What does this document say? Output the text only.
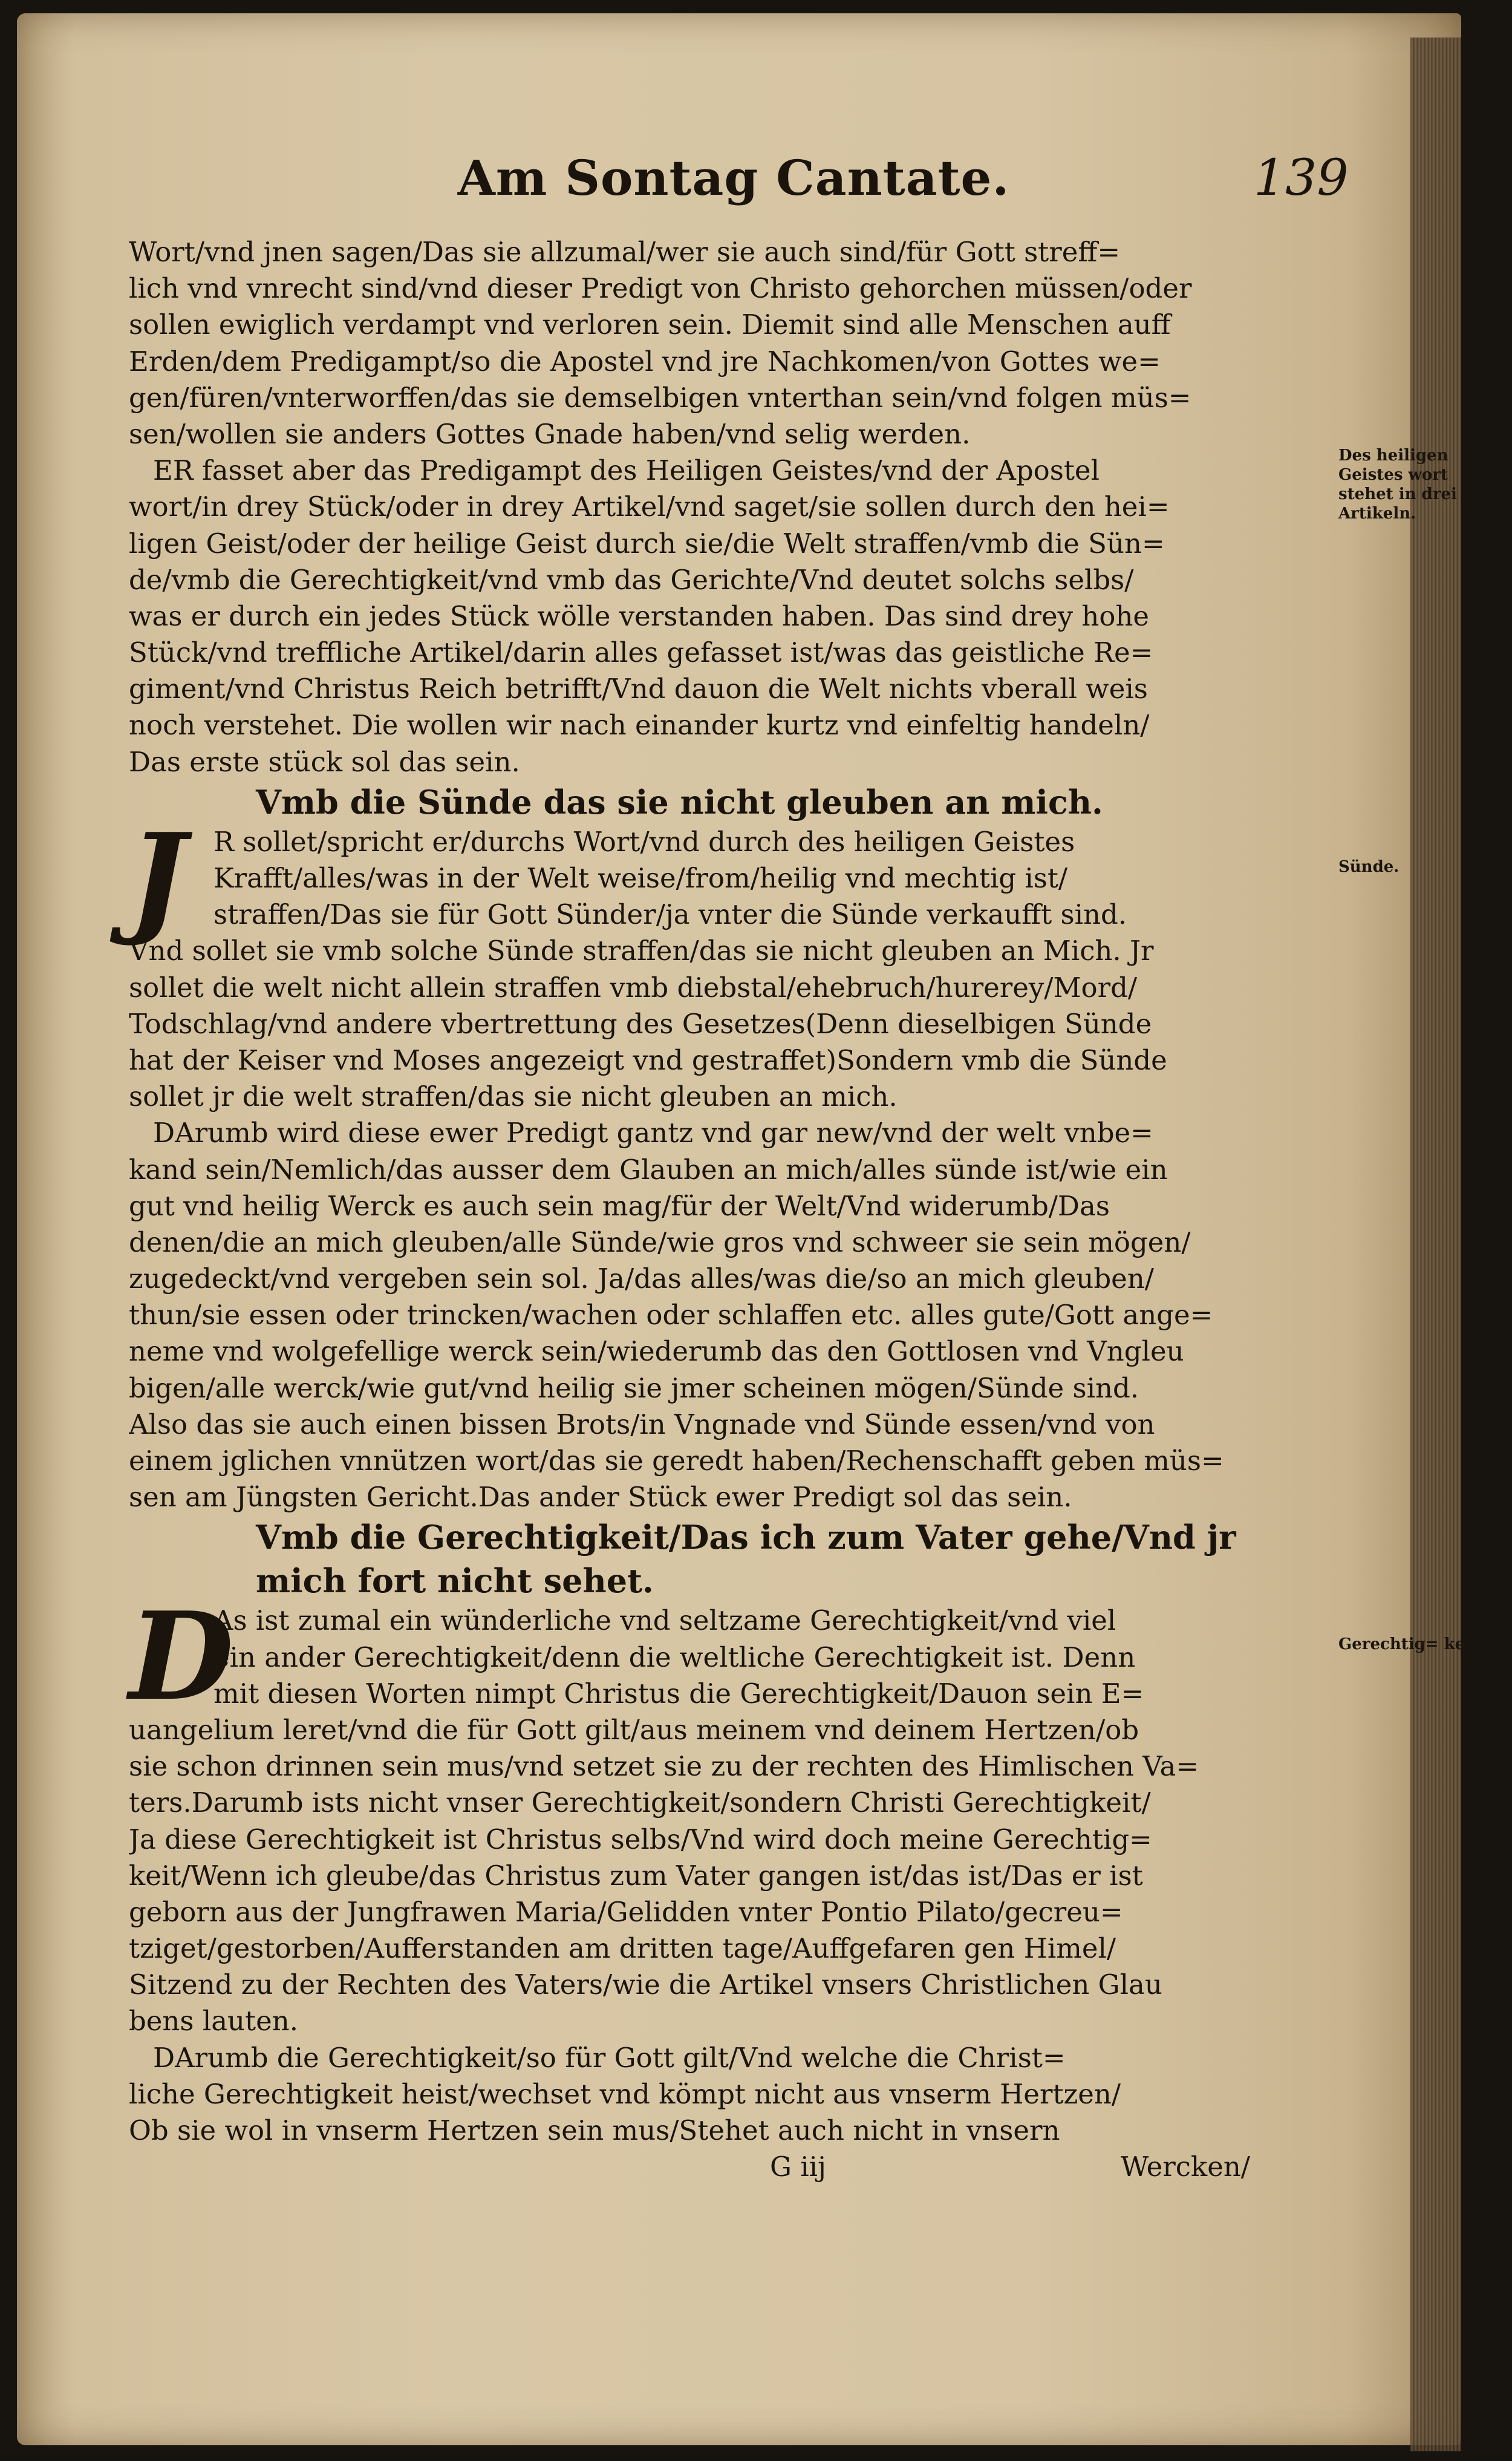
Am Sontag Cantate.	139
Wort/vnd jnen sagen/Das sie allzumal/wer sie auch sind/für Gott streff=
lich vnd vnrecht sind/vnd dieser Predigt von Christo gehorchen müssen/oder
sollen ewiglich verdampt vnd verloren sein. Diemit sind alle Menschen auff
Erden/dem Predigampt/so die Apostel vnd jre Nachkomen/von Gottes we=
gen/füren/vnterworffen/das sie demselbigen vnterthan sein/vnd folgen müs=
sen/wollen sie anders Gottes Gnade haben/vnd selig werden.
ER fasset aber das Predigampt des Heiligen Geistes/vnd der Apostel
wort/in drey Stück/oder in drey Artikel/vnd saget/sie sollen durch den hei=
ligen Geist/oder der heilige Geist durch sie/die Welt straffen/vmb die Sün=
de/vmb die Gerechtigkeit/vnd vmb das Gerichte/Vnd deutet solchs selbs/
was er durch ein jedes Stück wölle verstanden haben. Das sind drey hohe
Stück/vnd treffliche Artikel/darin alles gefasset ist/was das geistliche Re=
giment/vnd Christus Reich betrifft/Vnd dauon die Welt nichts vberall weis
noch verstehet. Die wollen wir nach einander kurtz vnd einfeltig handeln/
Das erste stück sol das sein.
Vmb die Sünde das sie nicht gleuben an mich.
J	R sollet/spricht er/durchs Wort/vnd durch des heiligen Geistes
Krafft/alles/was in der Welt weise/from/heilig vnd mechtig ist/
straffen/Das sie für Gott Sünder/ja vnter die Sünde verkaufft sind.
Vnd sollet sie vmb solche Sünde straffen/das sie nicht gleuben an Mich. Jr
sollet die welt nicht allein straffen vmb diebstal/ehebruch/hurerey/Mord/
Todschlag/vnd andere vbertrettung des Gesetzes(Denn dieselbigen Sünde
hat der Keiser vnd Moses angezeigt vnd gestraffet)Sondern vmb die Sünde
sollet jr die welt straffen/das sie nicht gleuben an mich.
DArumb wird diese ewer Predigt gantz vnd gar new/vnd der welt vnbe=
kand sein/Nemlich/das ausser dem Glauben an mich/alles sünde ist/wie ein
gut vnd heilig Werck es auch sein mag/für der Welt/Vnd widerumb/Das
denen/die an mich gleuben/alle Sünde/wie gros vnd schweer sie sein mögen/
zugedeckt/vnd vergeben sein sol. Ja/das alles/was die/so an mich gleuben/
thun/sie essen oder trincken/wachen oder schlaffen etc. alles gute/Gott ange=
neme vnd wolgefellige werck sein/wiederumb das den Gottlosen vnd Vngleu
bigen/alle werck/wie gut/vnd heilig sie jmer scheinen mögen/Sünde sind.
Also das sie auch einen bissen Brots/in Vngnade vnd Sünde essen/vnd von
einem jglichen vnnützen wort/das sie geredt haben/Rechenschafft geben müs=
sen am Jüngsten Gericht.Das ander Stück ewer Predigt sol das sein.
Vmb die Gerechtigkeit/Das ich zum Vater gehe/Vnd jr
mich fort nicht sehet.
D
As ist zumal ein wünderliche vnd seltzame Gerechtigkeit/vnd viel
ein ander Gerechtigkeit/denn die weltliche Gerechtigkeit ist. Denn
mit diesen Worten nimpt Christus die Gerechtigkeit/Dauon sein E=
uangelium leret/vnd die für Gott gilt/aus meinem vnd deinem Hertzen/ob
sie schon drinnen sein mus/vnd setzet sie zu der rechten des Himlischen Va=
ters.Darumb ists nicht vnser Gerechtigkeit/sondern Christi Gerechtigkeit/
Ja diese Gerechtigkeit ist Christus selbs/Vnd wird doch meine Gerechtig=
keit/Wenn ich gleube/das Christus zum Vater gangen ist/das ist/Das er ist
geborn aus der Jungfrawen Maria/Gelidden vnter Pontio Pilato/gecreu=
tziget/gestorben/Aufferstanden am dritten tage/Auffgefaren gen Himel/
Sitzend zu der Rechten des Vaters/wie die Artikel vnsers Christlichen Glau
bens lauten.
DArumb die Gerechtigkeit/so für Gott gilt/Vnd welche die Christ=
liche Gerechtigkeit heist/wechset vnd kömpt nicht aus vnserm Hertzen/
Ob sie wol in vnserm Hertzen sein mus/Stehet auch nicht in vnsern
G iij	Wercken/
Des heiligen Geistes wort stehet in drei en Artikeln.
Sünde.
Gerechtig= keit.
